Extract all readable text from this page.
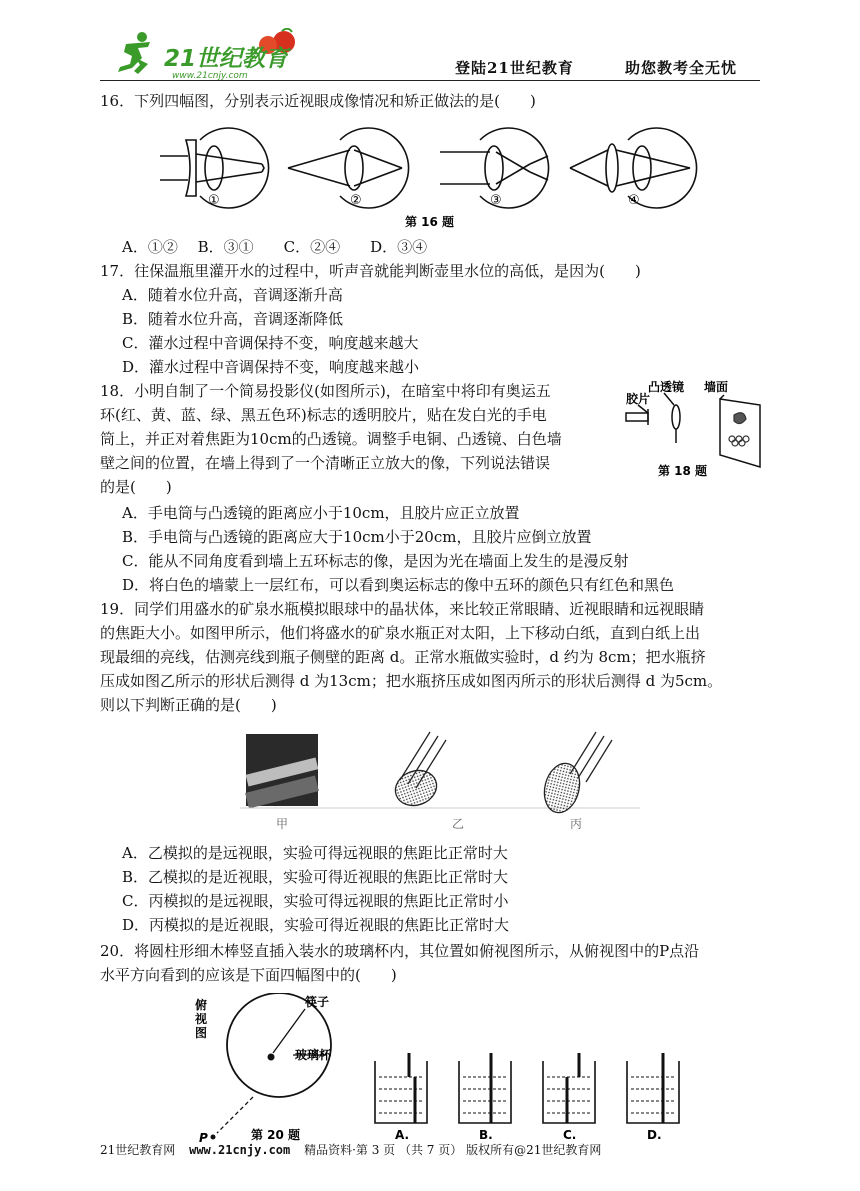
21世纪教育
www.21cnjy.com	登陆21世纪教育	助您教考全无忧
16．下列四幅图，分别表示近视眼成像情况和矫正做法的是(　　)
①	②	③	④
第 16 题
A．①②　 B．③①　　C．②④　　D．③④
17．往保温瓶里灌开水的过程中，听声音就能判断壶里水位的高低，是因为(　　)
A．随着水位升高，音调逐渐升高
B．随着水位升高，音调逐渐降低
C．灌水过程中音调保持不变，响度越来越大
D．灌水过程中音调保持不变，响度越来越小
18．小明自制了一个简易投影仪(如图所示)，在暗室中将印有奥运五
环(红、黄、蓝、绿、黑五色环)标志的透明胶片，贴在发白光的手电
筒上，并正对着焦距为10cm的凸透镜。调整手电铜、凸透镜、白色墙
壁之间的位置，在墙上得到了一个清晰正立放大的像，下列说法错误
的是(　　)
凸透镜 墙面
胶片
第 18 题
A．手电筒与凸透镜的距离应小于10cm，且胶片应正立放置
B．手电筒与凸透镜的距离应大于10cm小于20cm，且胶片应倒立放置
C．能从不同角度看到墙上五环标志的像，是因为光在墙面上发生的是漫反射
D．将白色的墙蒙上一层红布，可以看到奥运标志的像中五环的颜色只有红色和黑色
19．同学们用盛水的矿泉水瓶模拟眼球中的晶状体，来比较正常眼睛、近视眼睛和远视眼睛
的焦距大小。如图甲所示，他们将盛水的矿泉水瓶正对太阳，上下移动白纸，直到白纸上出
现最细的亮线，估测亮线到瓶子侧壁的距离 d。正常水瓶做实验时，d 约为 8cm；把水瓶挤
压成如图乙所示的形状后测得 d 为13cm；把水瓶挤压成如图丙所示的形状后测得 d 为5cm。
则以下判断正确的是(　　)
甲	乙	丙
A．乙模拟的是远视眼，实验可得远视眼的焦距比正常时大
B．乙模拟的是近视眼，实验可得近视眼的焦距比正常时大
C．丙模拟的是远视眼，实验可得远视眼的焦距比正常时小
D．丙模拟的是近视眼，实验可得近视眼的焦距比正常时大
20．将圆柱形细木棒竖直插入装水的玻璃杯内，其位置如俯视图所示，从俯视图中的P点沿
水平方向看到的应该是下面四幅图中的(　　)
筷子
玻璃杯
P
俯
视
图
第 20 题	A.	B.	C.	D.
21世纪教育网 www.21cnjy.com 精品资料·第 3 页 （共 7 页） 版权所有@21世纪教育网
